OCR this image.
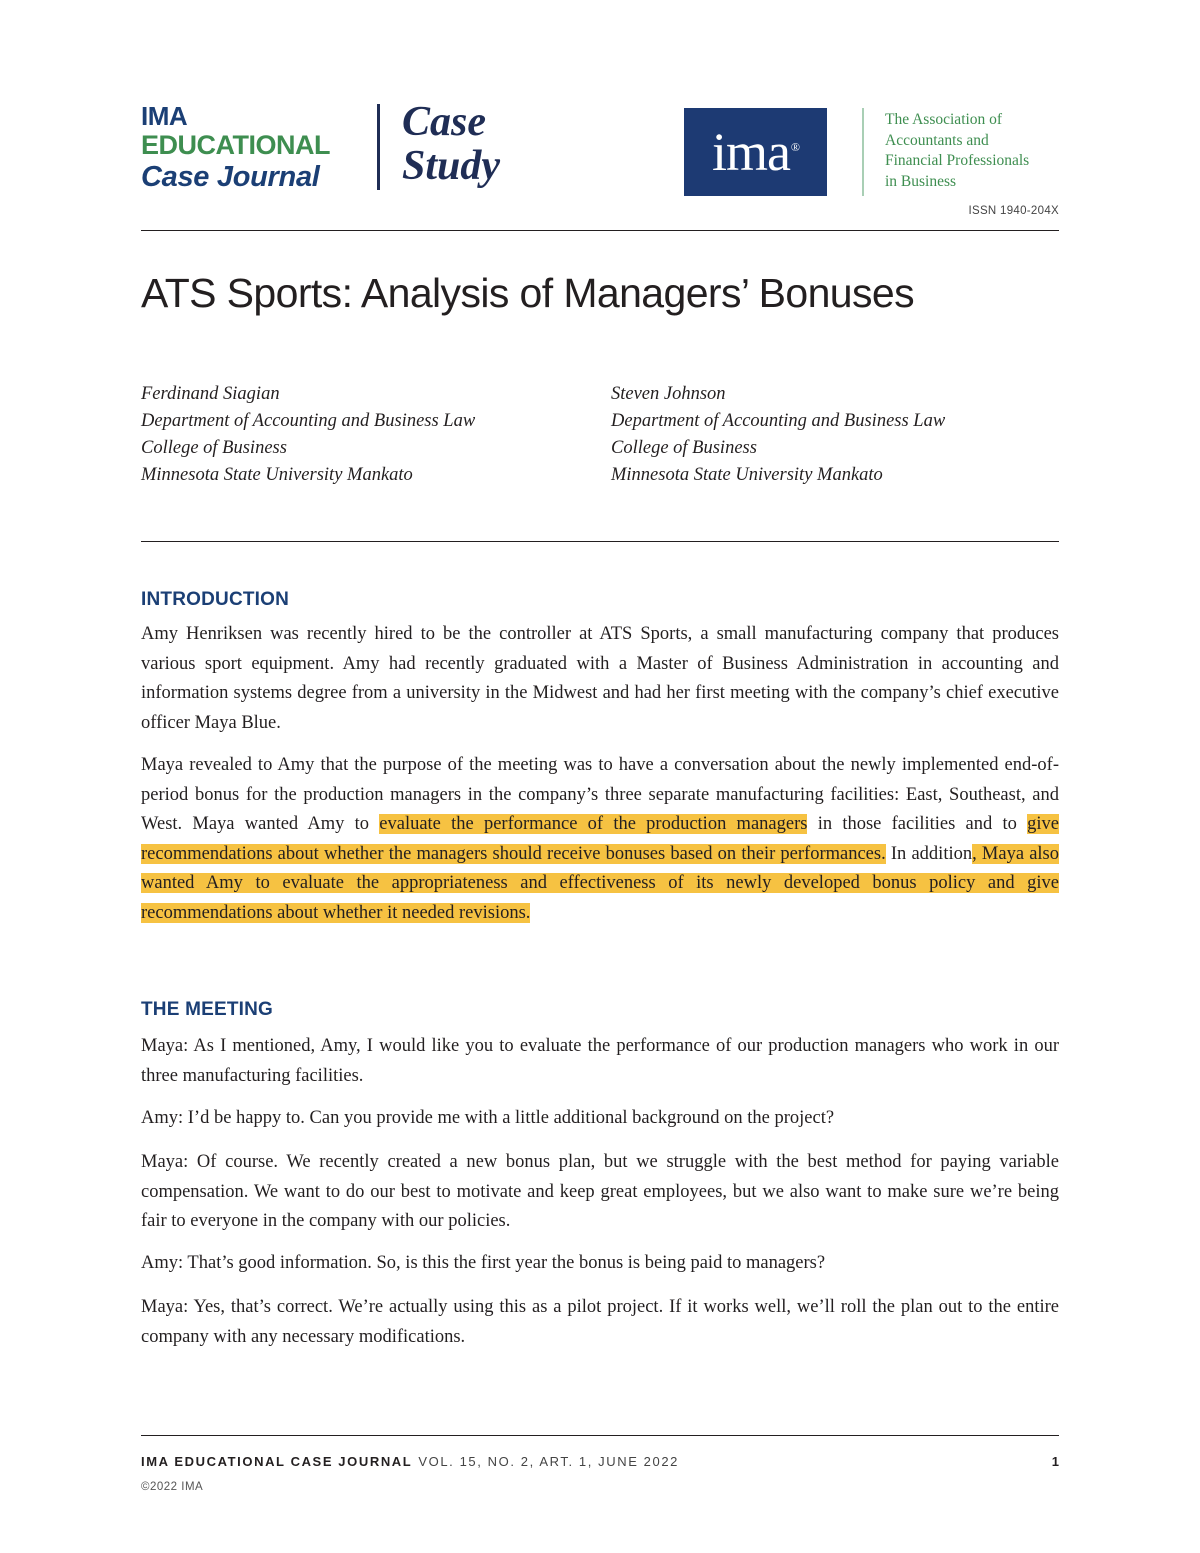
IMA
EDUCATIONAL
Case Journal
Case
Study	ima®
The Association of
Accountants and
Financial Professionals
in Business
ISSN 1940-204X
ATS Sports: Analysis of Managers’ Bonuses
Ferdinand Siagian
Department of Accounting and Business Law
College of Business
Minnesota State University Mankato
Steven Johnson
Department of Accounting and Business Law
College of Business
Minnesota State University Mankato
INTRODUCTION
Amy Henriksen was recently hired to be the controller at ATS Sports, a small manufacturing company that produces various sport equipment. Amy had recently graduated with a Master of Business Administration in accounting and information systems degree from a university in the Midwest and had her first meeting with the company’s chief executive officer Maya Blue.
Maya revealed to Amy that the purpose of the meeting was to have a conversation about the newly implemented end-of-period bonus for the production managers in the company’s three separate manufacturing facilities: East, Southeast, and West. Maya wanted Amy to evaluate the performance of the production managers in those facilities and to give recommendations about whether the managers should receive bonuses based on their performances. In addition, Maya also wanted Amy to evaluate the appropriateness and effectiveness of its newly developed bonus policy and give recommendations about whether it needed revisions.
THE MEETING
Maya: As I mentioned, Amy, I would like you to evaluate the performance of our production managers who work in our three manufacturing facilities.
Amy: I’d be happy to. Can you provide me with a little additional background on the project?
Maya: Of course. We recently created a new bonus plan, but we struggle with the best method for paying variable compensation. We want to do our best to motivate and keep great employees, but we also want to make sure we’re being fair to everyone in the company with our policies.
Amy: That’s good information. So, is this the first year the bonus is being paid to managers?
Maya: Yes, that’s correct. We’re actually using this as a pilot project. If it works well, we’ll roll the plan out to the entire company with any necessary modifications.
IMA EDUCATIONAL CASE JOURNAL VOL. 15, NO. 2, ART. 1, JUNE 2022	1
©2022 IMA
